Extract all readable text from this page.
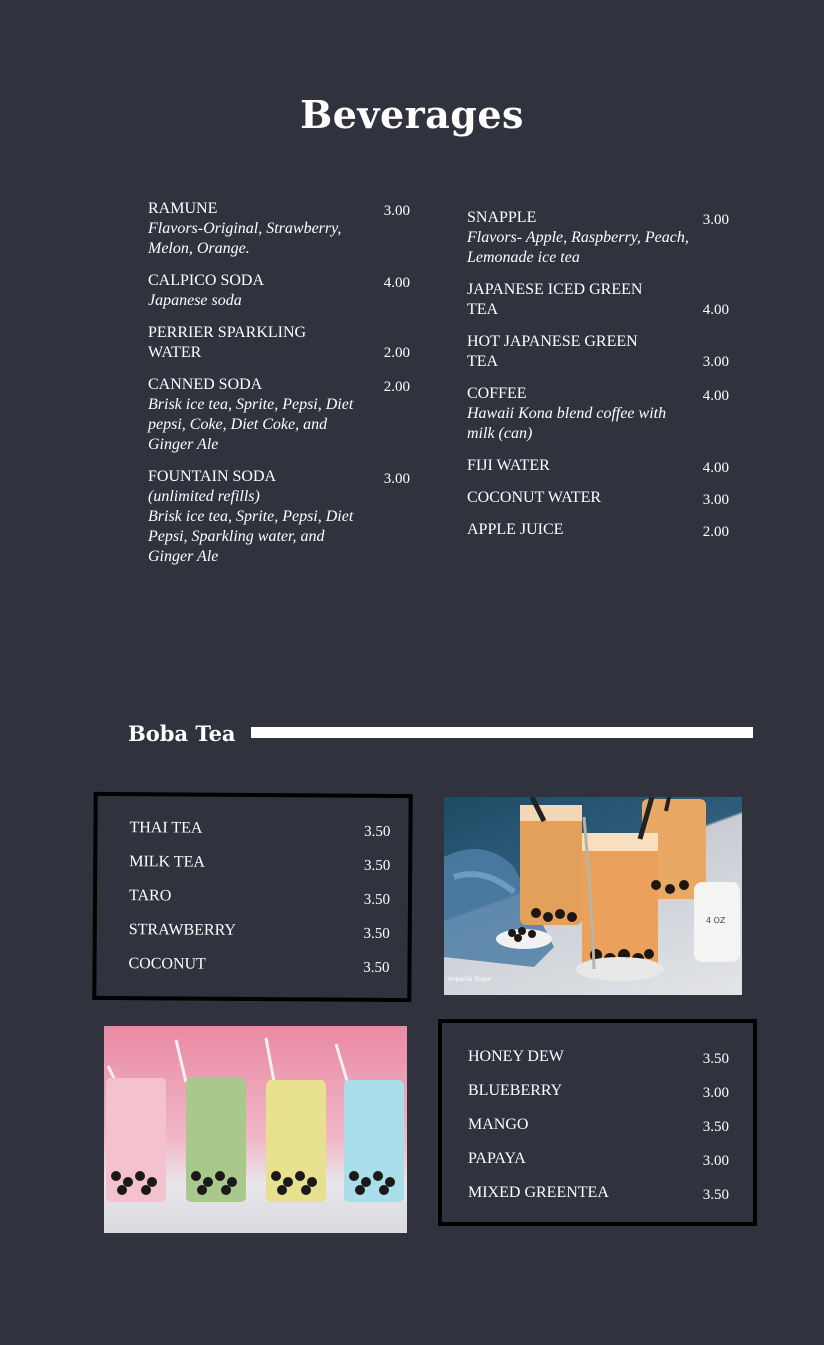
Beverages
RAMUNE	3.00
Flavors-Original, Strawberry,
Melon, Orange.
CALPICO SODA	4.00
Japanese soda
PERRIER SPARKLING WATER	2.00
CANNED SODA	2.00
Brisk ice tea, Sprite, Pepsi, Diet
pepsi, Coke, Diet Coke, and
Ginger Ale
FOUNTAIN SODA	3.00
(unlimited refills)
Brisk ice tea, Sprite, Pepsi, Diet
Pepsi, Sparkling water, and
Ginger Ale
SNAPPLE	3.00
Flavors- Apple, Raspberry, Peach,
Lemonade ice tea
JAPANESE ICED GREEN TEA	4.00
HOT JAPANESE GREEN TEA	3.00
COFFEE	4.00
Hawaii Kona blend coffee with
milk (can)
FIJI WATER	4.00
COCONUT WATER	3.00
APPLE JUICE	2.00
Boba Tea
THAI TEA	3.50
MILK TEA	3.50
TARO	3.50
STRAWBERRY	3.50
COCONUT	3.50
4 OZ
Imperial Sugar
HONEY DEW	3.50
BLUEBERRY	3.00
MANGO	3.50
PAPAYA	3.00
MIXED GREENTEA	3.50
